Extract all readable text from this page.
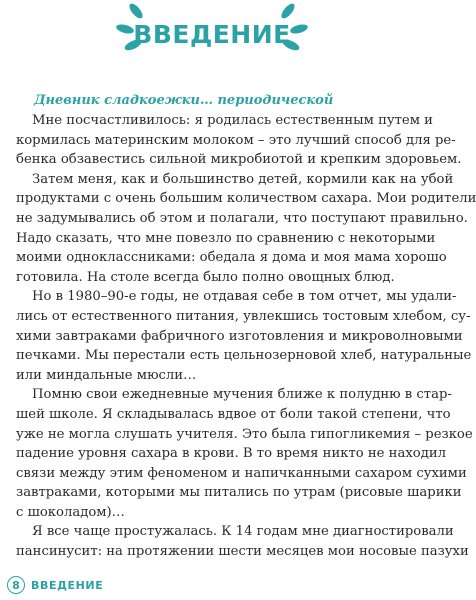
ВВЕДЕНИЕ
Дневник сладкоежки… периодической

Мне посчастливилось: я родилась естественным путем и
кормилась материнским молоком – это лучший способ для ре-
бенка обзавестись сильной микробиотой и крепким здоровьем.

Затем меня, как и большинство детей, кормили как на убой
продуктами с очень большим количеством сахара. Мои родители
не задумывались об этом и полагали, что поступают правильно.
Надо сказать, что мне повезло по сравнению с некоторыми
моими одноклассниками: обедала я дома и моя мама хорошо
готовила. На столе всегда было полно овощных блюд.

Но в 1980–90-е годы, не отдавая себе в том отчет, мы удали-
лись от естественного питания, увлекшись тостовым хлебом, су-
хими завтраками фабричного изготовления и микроволновыми
печками. Мы перестали есть цельнозерновой хлеб, натуральные
или миндальные мюсли…

Помню свои ежедневные мучения ближе к полудню в стар-
шей школе. Я складывалась вдвое от боли такой степени, что
уже не могла слушать учителя. Это была гипогликемия – резкое
падение уровня сахара в крови. В то время никто не находил
связи между этим феноменом и напичканными сахаром сухими
завтраками, которыми мы питались по утрам (рисовые шарики
с шоколадом)…

Я все чаще простужалась. К 14 годам мне диагностировали
пансинусит: на протяжении шести месяцев мои носовые пазухи

8	ВВЕДЕНИЕ
